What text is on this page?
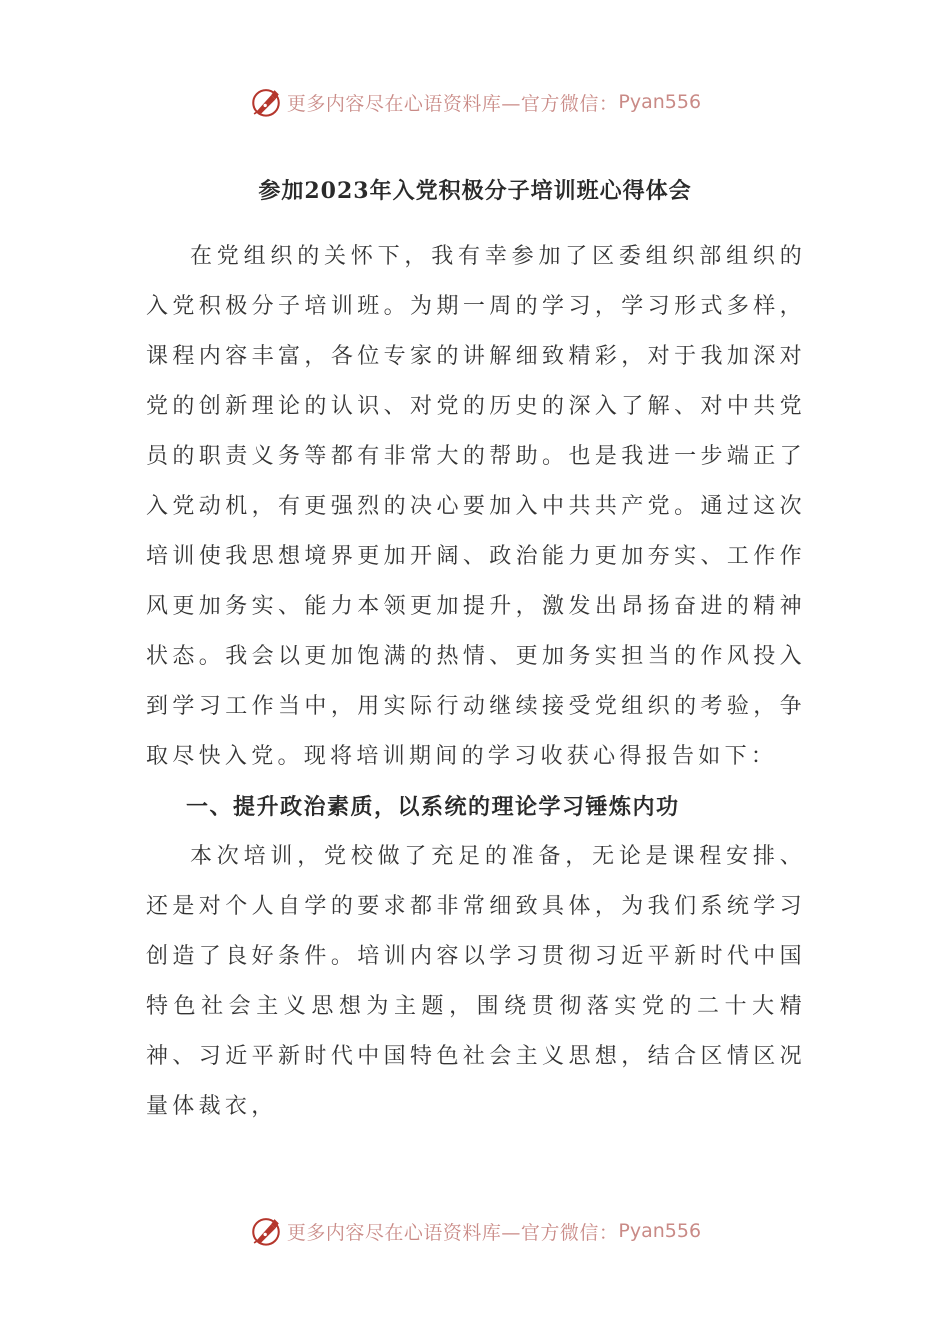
更多内容尽在心语资料库—官方微信： Pyan556
参加2023年入党积极分子培训班心得体会

在党组织的关怀下，我有幸参加了区委组织部组织的入党积极分子培训班。为期一周的学习，学习形式多样，课程内容丰富，各位专家的讲解细致精彩，对于我加深对党的创新理论的认识、对党的历史的深入了解、对中共党员的职责义务等都有非常大的帮助。也是我进一步端正了入党动机，有更强烈的决心要加入中共共产党。通过这次培训使我思想境界更加开阔、政治能力更加夯实、工作作风更加务实、能力本领更加提升，激发出昂扬奋进的精神状态。我会以更加饱满的热情、更加务实担当的作风投入到学习工作当中，用实际行动继续接受党组织的考验，争取尽快入党。现将培训期间的学习收获心得报告如下：

一、提升政治素质，以系统的理论学习锤炼内功

本次培训，党校做了充足的准备，无论是课程安排、还是对个人自学的要求都非常细致具体，为我们系统学习创造了良好条件。培训内容以学习贯彻习近平新时代中国特色社会主义思想为主题，围绕贯彻落实党的二十大精神、习近平新时代中国特色社会主义思想，结合区情区况量体裁衣，

更多内容尽在心语资料库—官方微信： Pyan556
